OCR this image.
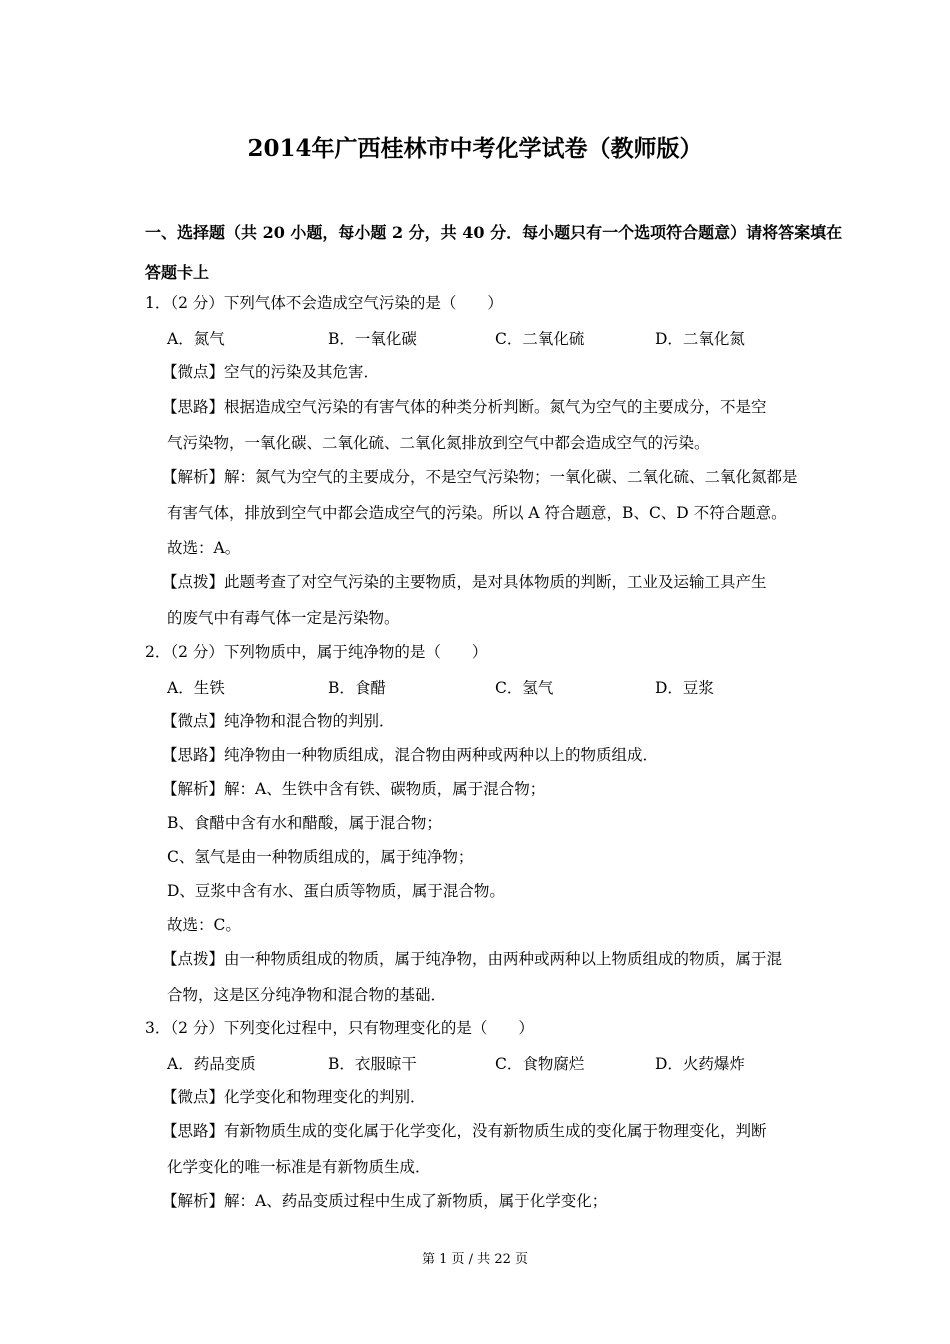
2014年广西桂林市中考化学试卷（教师版）
一、选择题（共 20 小题，每小题 2 分，共 40 分．每小题只有一个选项符合题意）请将答案填在
答题卡上
1．（2 分）下列气体不会造成空气污染的是（　　）
A．氮气	B．一氧化碳	C．二氧化硫	D．二氧化氮
【微点】空气的污染及其危害．
【思路】根据造成空气污染的有害气体的种类分析判断。氮气为空气的主要成分，不是空
气污染物，一氧化碳、二氧化硫、二氧化氮排放到空气中都会造成空气的污染。
【解析】解：氮气为空气的主要成分，不是空气污染物；一氧化碳、二氧化硫、二氧化氮都是
有害气体，排放到空气中都会造成空气的污染。所以 A 符合题意，B、C、D 不符合题意。
故选：A。
【点拨】此题考查了对空气污染的主要物质，是对具体物质的判断，工业及运输工具产生
的废气中有毒气体一定是污染物。
2．（2 分）下列物质中，属于纯净物的是（　　）
A．生铁	B．食醋	C．氢气	D．豆浆
【微点】纯净物和混合物的判别．
【思路】纯净物由一种物质组成，混合物由两种或两种以上的物质组成．
【解析】解：A、生铁中含有铁、碳物质，属于混合物；
B、食醋中含有水和醋酸，属于混合物；
C、氢气是由一种物质组成的，属于纯净物；
D、豆浆中含有水、蛋白质等物质，属于混合物。
故选：C。
【点拨】由一种物质组成的物质，属于纯净物，由两种或两种以上物质组成的物质，属于混
合物，这是区分纯净物和混合物的基础．
3．（2 分）下列变化过程中，只有物理变化的是（　　）
A．药品变质	B．衣服晾干	C．食物腐烂	D．火药爆炸
【微点】化学变化和物理变化的判别．
【思路】有新物质生成的变化属于化学变化，没有新物质生成的变化属于物理变化，判断
化学变化的唯一标准是有新物质生成．
【解析】解：A、药品变质过程中生成了新物质，属于化学变化；
第 1 页 / 共 22 页
